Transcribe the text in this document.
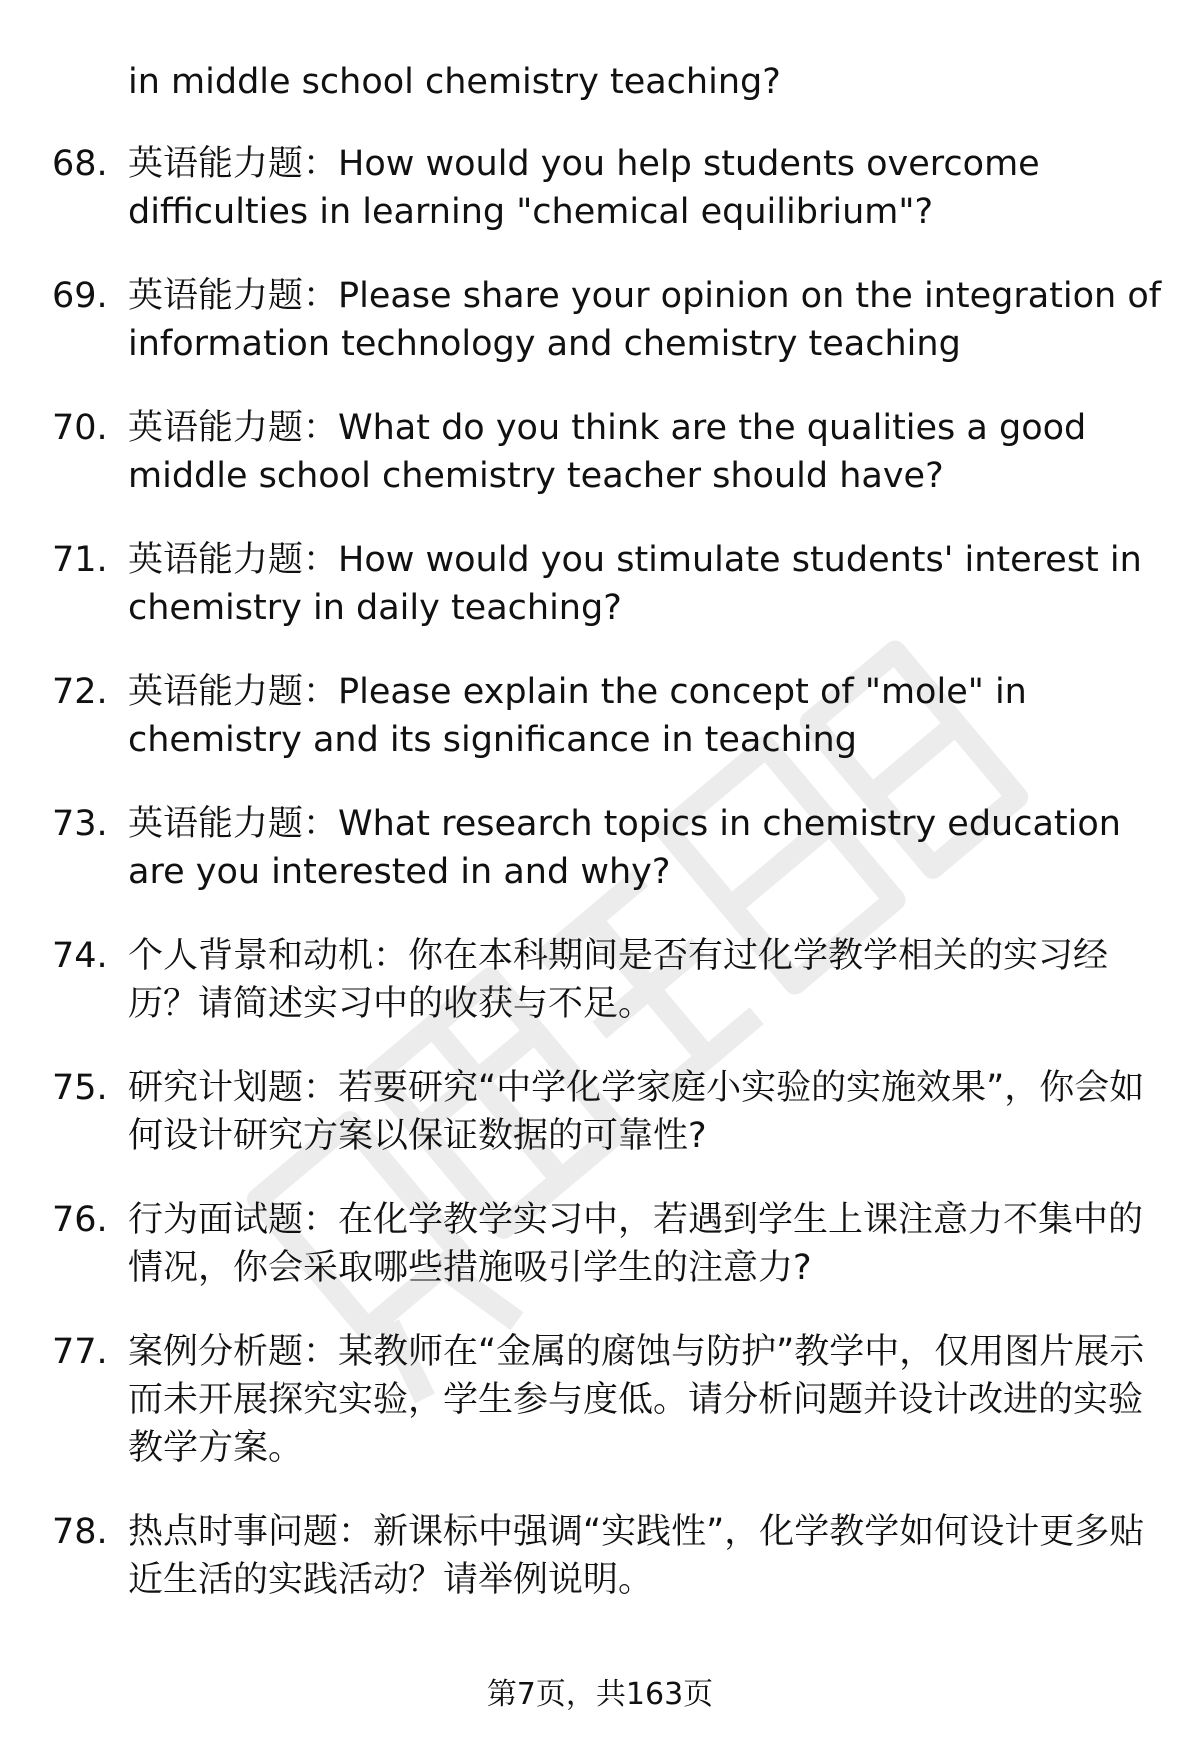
in middle school chemistry teaching?
68. 英语能力题：How would you help students overcome difficulties in learning "chemical equilibrium"?
69. 英语能力题：Please share your opinion on the integration of information technology and chemistry teaching
70. 英语能力题：What do you think are the qualities a good middle school chemistry teacher should have?
71. 英语能力题：How would you stimulate students' interest in chemistry in daily teaching?
72. 英语能力题：Please explain the concept of "mole" in chemistry and its significance in teaching
73. 英语能力题：What research topics in chemistry education are you interested in and why?
74. 个人背景和动机：你在本科期间是否有过化学教学相关的实习经历？请简述实习中的收获与不足。
75. 研究计划题：若要研究“中学化学家庭小实验的实施效果”，你会如何设计研究方案以保证数据的可靠性?
76. 行为面试题：在化学教学实习中，若遇到学生上课注意力不集中的情况，你会采取哪些措施吸引学生的注意力?
77. 案例分析题：某教师在“金属的腐蚀与防护”教学中，仅用图片展示而未开展探究实验，学生参与度低。请分析问题并设计改进的实验教学方案。
78. 热点时事问题：新课标中强调“实践性”，化学教学如何设计更多贴近生活的实践活动？请举例说明。
第7页，共163页
